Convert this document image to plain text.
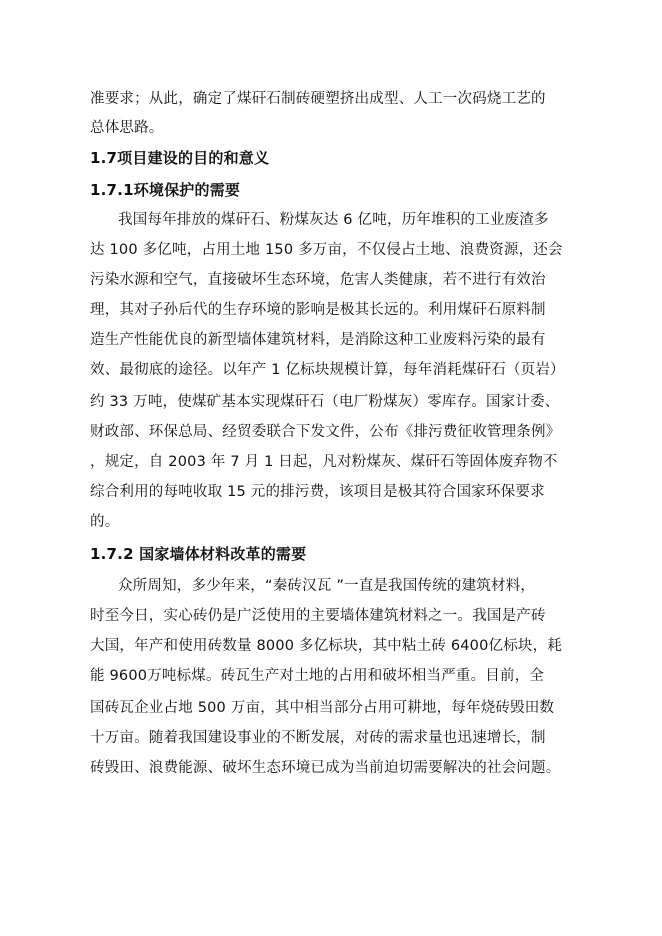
准要求；从此，确定了煤矸石制砖硬塑挤出成型、人工一次码烧工艺的
总体思路。
1.7项目建设的目的和意义
1.7.1环境保护的需要
我国每年排放的煤矸石、粉煤灰达 6 亿吨，历年堆积的工业废渣多
达 100 多亿吨，占用土地 150 多万亩，不仅侵占土地、浪费资源，还会
污染水源和空气，直接破坏生态环境，危害人类健康，若不进行有效治
理，其对子孙后代的生存环境的影响是极其长远的。利用煤矸石原料制
造生产性能优良的新型墙体建筑材料，是消除这种工业废料污染的最有
效、最彻底的途径。以年产 1 亿标块规模计算，每年消耗煤矸石（页岩）
约 33 万吨，使煤矿基本实现煤矸石（电厂粉煤灰）零库存。国家计委、
财政部、环保总局、经贸委联合下发文件，公布《排污费征收管理条例》
，规定，自 2003 年 7 月 1 日起，凡对粉煤灰、煤矸石等固体废弃物不
综合利用的每吨收取 15 元的排污费，该项目是极其符合国家环保要求
的。
1.7.2 国家墙体材料改革的需要
众所周知，多少年来，“秦砖汉瓦 ”一直是我国传统的建筑材料，
时至今日，实心砖仍是广泛使用的主要墙体建筑材料之一。我国是产砖
大国，年产和使用砖数量 8000 多亿标块，其中粘土砖 6400亿标块，耗
能 9600万吨标煤。砖瓦生产对土地的占用和破坏相当严重。目前，全
国砖瓦企业占地 500 万亩，其中相当部分占用可耕地，每年烧砖毁田数
十万亩。随着我国建设事业的不断发展，对砖的需求量也迅速增长，制
砖毁田、浪费能源、破坏生态环境已成为当前迫切需要解决的社会问题。
